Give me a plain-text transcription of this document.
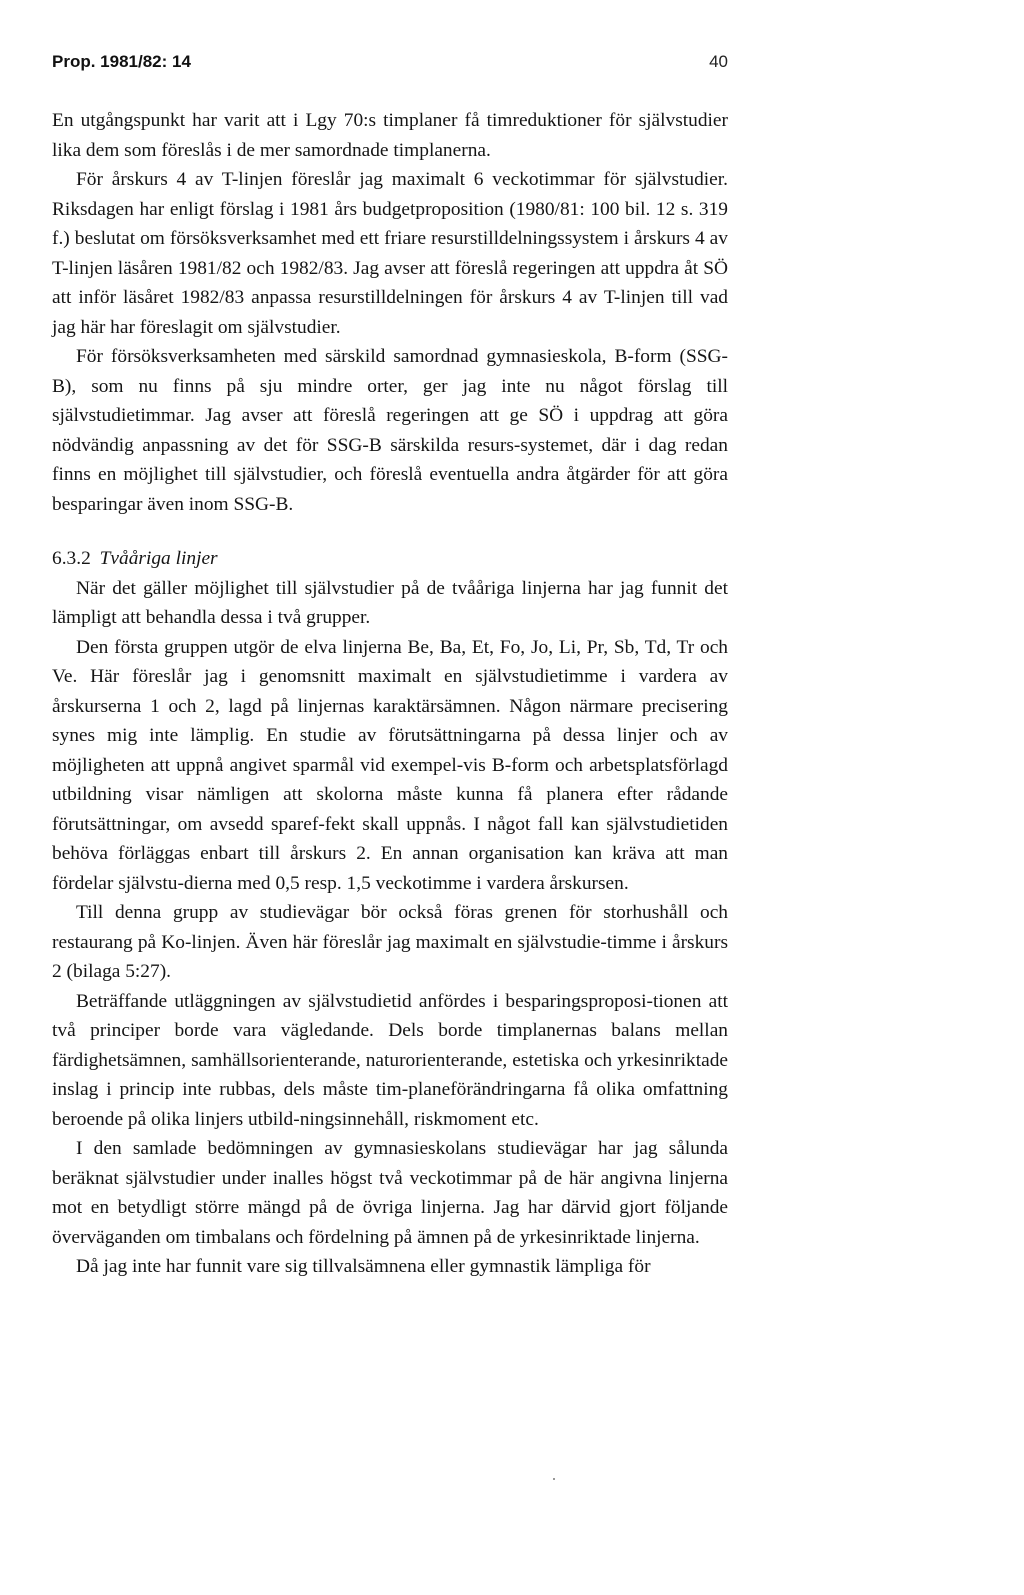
Prop. 1981/82: 14	40

En utgångspunkt har varit att i Lgy 70:s timplaner få timreduktioner för självstudier lika dem som föreslås i de mer samordnade timplanerna.

För årskurs 4 av T-linjen föreslår jag maximalt 6 veckotimmar för självstudier. Riksdagen har enligt förslag i 1981 års budgetproposition (1980/81: 100 bil. 12 s. 319 f.) beslutat om försöksverksamhet med ett friare resurstilldelningssystem i årskurs 4 av T-linjen läsåren 1981/82 och 1982/83. Jag avser att föreslå regeringen att uppdra åt SÖ att inför läsåret 1982/83 anpassa resurstilldelningen för årskurs 4 av T-linjen till vad jag här har föreslagit om självstudier.

För försöksverksamheten med särskild samordnad gymnasieskola, B-form (SSG-B), som nu finns på sju mindre orter, ger jag inte nu något förslag till självstudietimmar. Jag avser att föreslå regeringen att ge SÖ i uppdrag att göra nödvändig anpassning av det för SSG-B särskilda resurs-systemet, där i dag redan finns en möjlighet till självstudier, och föreslå eventuella andra åtgärder för att göra besparingar även inom SSG-B.

6.3.2 Tvååriga linjer

När det gäller möjlighet till självstudier på de tvååriga linjerna har jag funnit det lämpligt att behandla dessa i två grupper.

Den första gruppen utgör de elva linjerna Be, Ba, Et, Fo, Jo, Li, Pr, Sb, Td, Tr och Ve. Här föreslår jag i genomsnitt maximalt en självstudietimme i vardera av årskurserna 1 och 2, lagd på linjernas karaktärsämnen. Någon närmare precisering synes mig inte lämplig. En studie av förutsättningarna på dessa linjer och av möjligheten att uppnå angivet sparmål vid exempel-vis B-form och arbetsplatsförlagd utbildning visar nämligen att skolorna måste kunna få planera efter rådande förutsättningar, om avsedd sparef-fekt skall uppnås. I något fall kan självstudietiden behöva förläggas enbart till årskurs 2. En annan organisation kan kräva att man fördelar självstu-dierna med 0,5 resp. 1,5 veckotimme i vardera årskursen.

Till denna grupp av studievägar bör också föras grenen för storhushåll och restaurang på Ko-linjen. Även här föreslår jag maximalt en självstudie-timme i årskurs 2 (bilaga 5:27).

Beträffande utläggningen av självstudietid anfördes i besparingsproposi-tionen att två principer borde vara vägledande. Dels borde timplanernas balans mellan färdighetsämnen, samhällsorienterande, naturorienterande, estetiska och yrkesinriktade inslag i princip inte rubbas, dels måste tim-planeförändringarna få olika omfattning beroende på olika linjers utbild-ningsinnehåll, riskmoment etc.

I den samlade bedömningen av gymnasieskolans studievägar har jag sålunda beräknat självstudier under inalles högst två veckotimmar på de här angivna linjerna mot en betydligt större mängd på de övriga linjerna. Jag har därvid gjort följande överväganden om timbalans och fördelning på ämnen på de yrkesinriktade linjerna.

Då jag inte har funnit vare sig tillvalsämnena eller gymnastik lämpliga för
